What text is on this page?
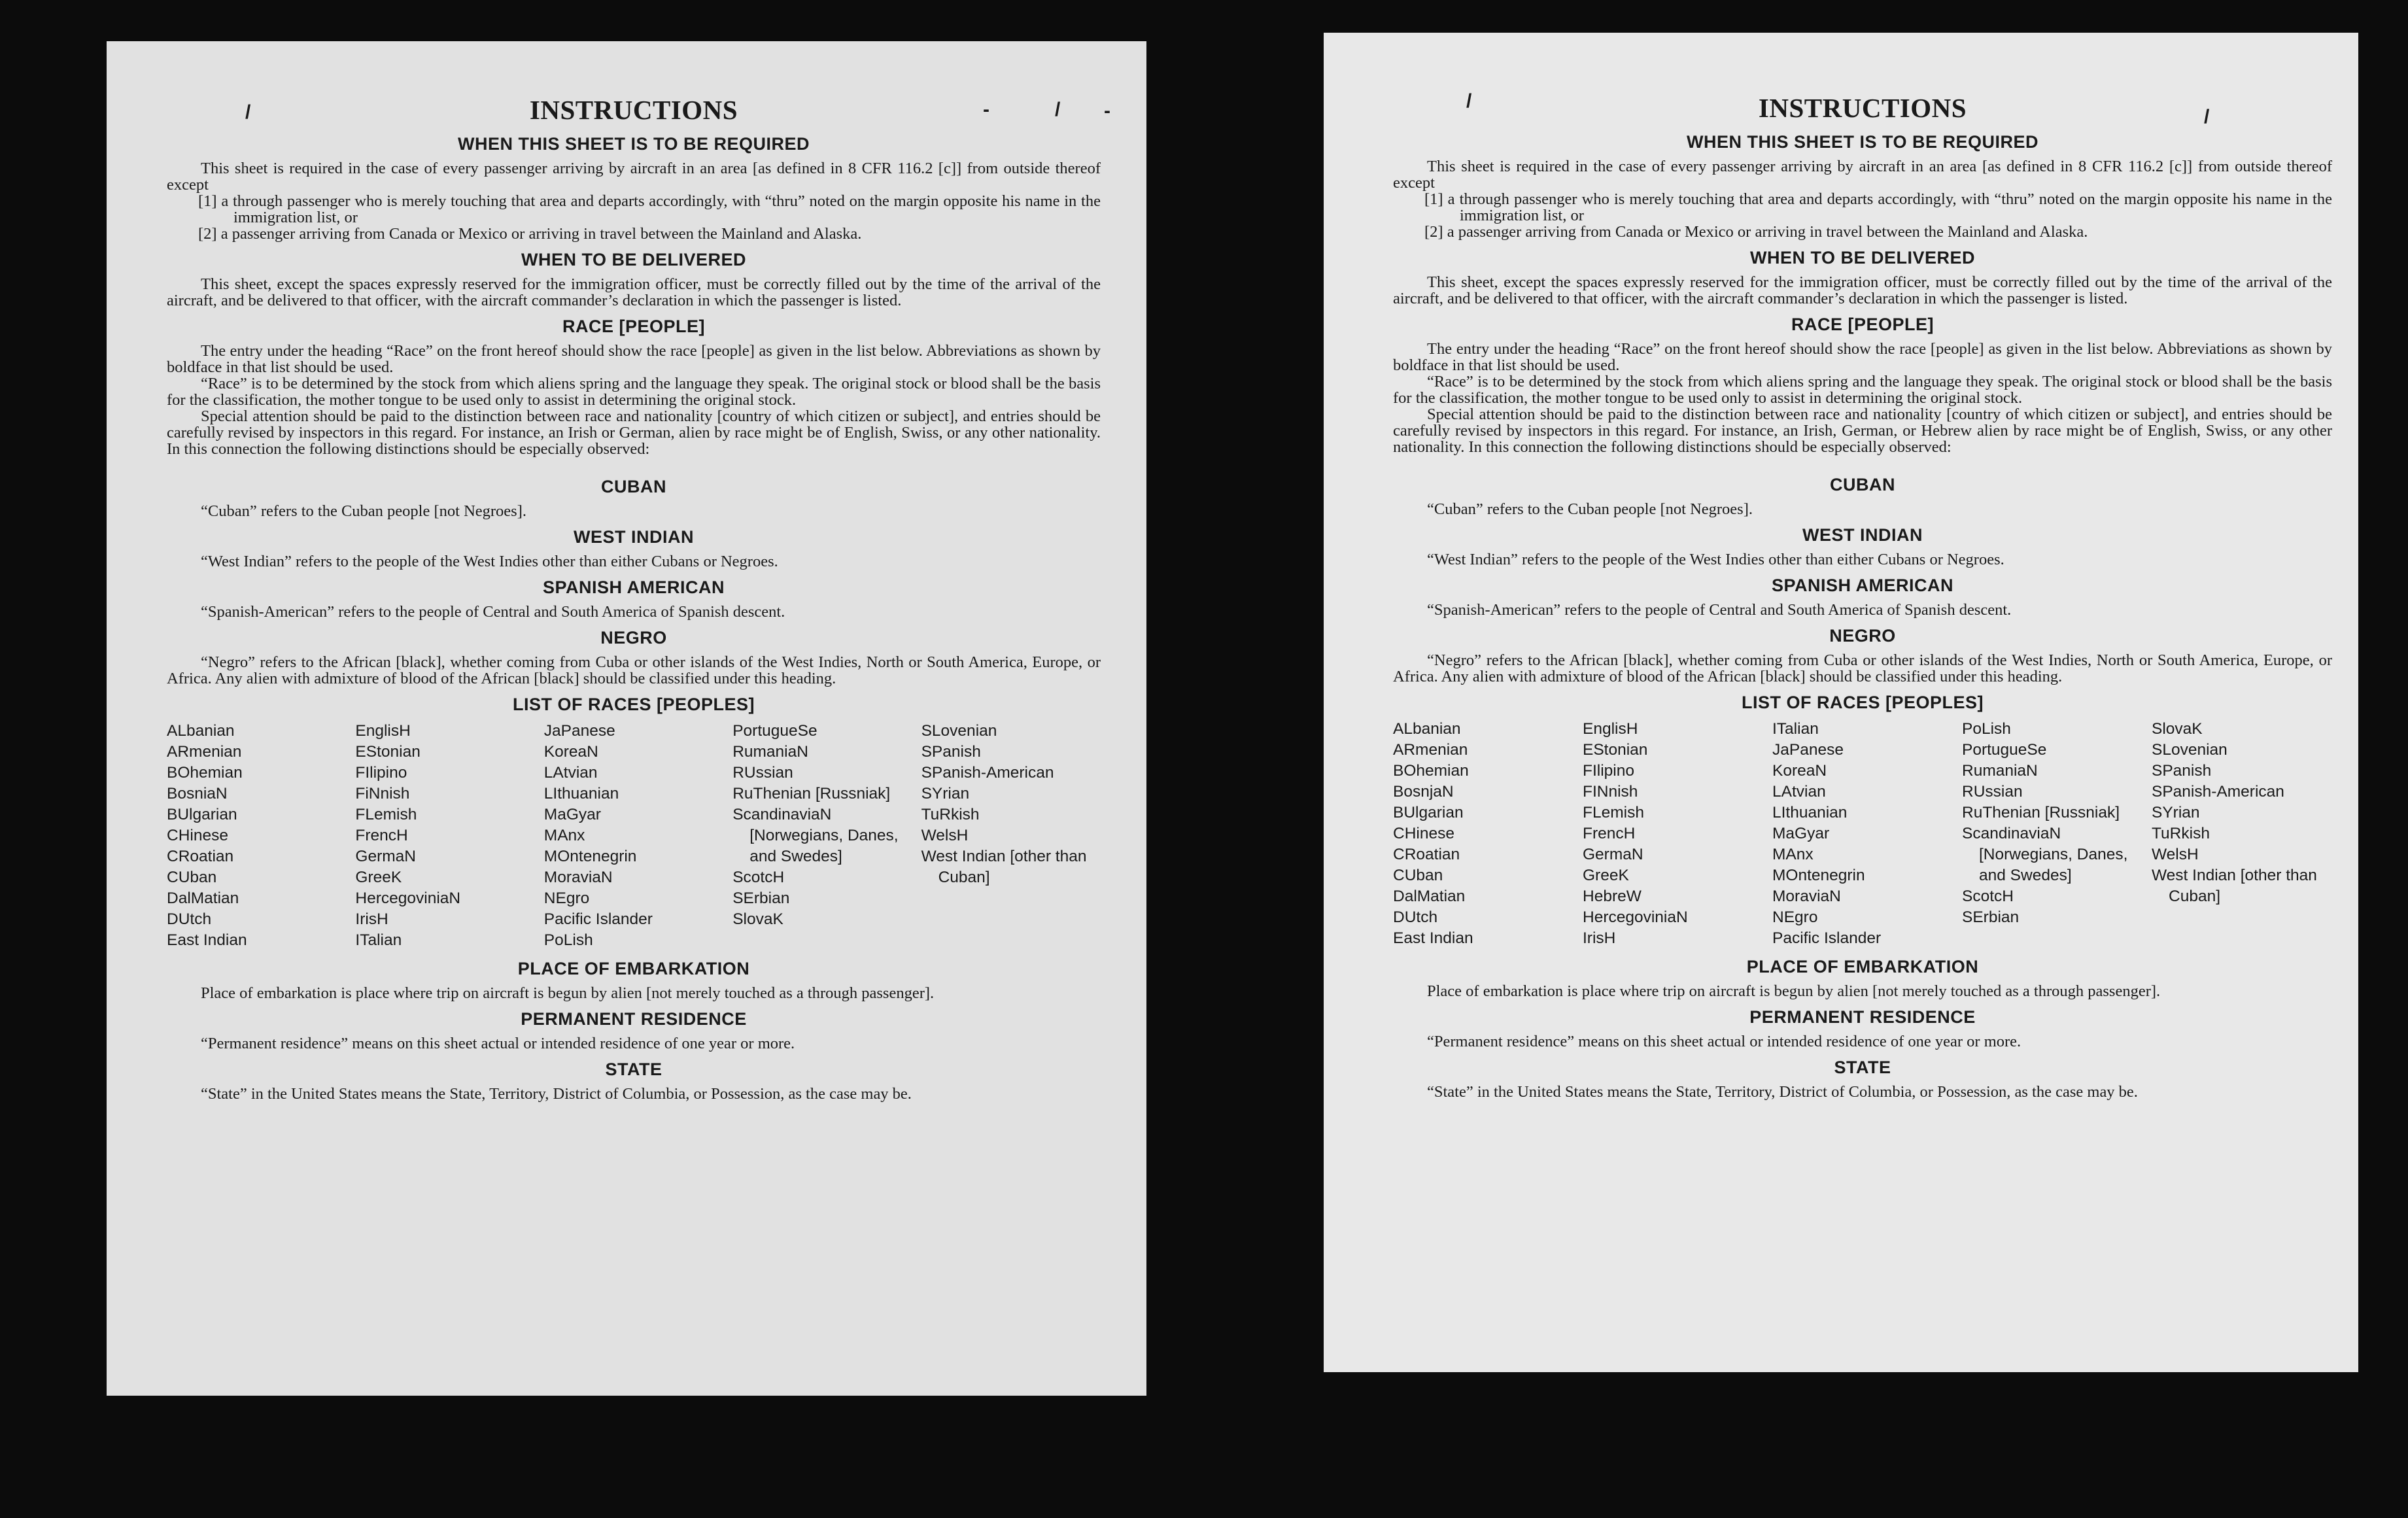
/	-	/ -
INSTRUCTIONS
WHEN THIS SHEET IS TO BE REQUIRED

This sheet is required in the case of every passenger arriving by aircraft in an area [as defined in 8 CFR 116.2 [c]] from outside thereof except

[1] a through passenger who is merely touching that area and departs accordingly, with “thru” noted on the margin opposite his name in the immigration list, or

[2] a passenger arriving from Canada or Mexico or arriving in travel between the Mainland and Alaska.

WHEN TO BE DELIVERED

This sheet, except the spaces expressly reserved for the immigration officer, must be correctly filled out by the time of the arrival of the aircraft, and be delivered to that officer, with the aircraft commander’s declaration in which the passenger is listed.

RACE [PEOPLE]

The entry under the heading “Race” on the front hereof should show the race [people] as given in the list below. Abbreviations as shown by boldface in that list should be used.

“Race” is to be determined by the stock from which aliens spring and the language they speak. The original stock or blood shall be the basis for the classification, the mother tongue to be used only to assist in determining the original stock.

Special attention should be paid to the distinction between race and nationality [country of which citizen or subject], and entries should be carefully revised by inspectors in this regard. For instance, an Irish or German, alien by race might be of English, Swiss, or any other nationality. In this connection the following distinctions should be especially observed:

CUBAN

“Cuban” refers to the Cuban people [not Negroes].

WEST INDIAN

“West Indian” refers to the people of the West Indies other than either Cubans or Negroes.

SPANISH AMERICAN

“Spanish-American” refers to the people of Central and South America of Spanish descent.

NEGRO

“Negro” refers to the African [black], whether coming from Cuba or other islands of the West Indies, North or South America, Europe, or Africa. Any alien with admixture of blood of the African [black] should be classified under this heading.

LIST OF RACES [PEOPLES]
ALbanian
ARmenian
BOhemian
BosniaN
BUlgarian
CHinese
CRoatian
CUban
DalMatian
DUtch
East Indian
EnglisH
EStonian
FIlipino
FiNnish
FLemish
FrencH
GermaN
GreeK
HercegoviniaN
IrisH
ITalian
JaPanese
KoreaN
LAtvian
LIthuanian
MaGyar
MAnx
MOntenegrin
MoraviaN
NEgro
Pacific Islander
PoLish
PortugueSe
RumaniaN
RUssian
RuThenian [Russniak]
ScandinaviaN [Norwegians, Danes, and Swedes]
ScotcH
SErbian
SlovaK
SLovenian
SPanish
SPanish-American
SYrian
TuRkish
WelsH
West Indian [other than Cuban]
PLACE OF EMBARKATION

Place of embarkation is place where trip on aircraft is begun by alien [not merely touched as a through passenger].

PERMANENT RESIDENCE

“Permanent residence” means on this sheet actual or intended residence of one year or more.

STATE

“State” in the United States means the State, Territory, District of Columbia, or Possession, as the case may be.

/
/
INSTRUCTIONS
WHEN THIS SHEET IS TO BE REQUIRED

This sheet is required in the case of every passenger arriving by aircraft in an area [as defined in 8 CFR 116.2 [c]] from outside thereof except

[1] a through passenger who is merely touching that area and departs accordingly, with “thru” noted on the margin opposite his name in the immigration list, or

[2] a passenger arriving from Canada or Mexico or arriving in travel between the Mainland and Alaska.

WHEN TO BE DELIVERED

This sheet, except the spaces expressly reserved for the immigration officer, must be correctly filled out by the time of the arrival of the aircraft, and be delivered to that officer, with the aircraft commander’s declaration in which the passenger is listed.

RACE [PEOPLE]

The entry under the heading “Race” on the front hereof should show the race [people] as given in the list below. Abbreviations as shown by boldface in that list should be used.

“Race” is to be determined by the stock from which aliens spring and the language they speak. The original stock or blood shall be the basis for the classification, the mother tongue to be used only to assist in determining the original stock.

Special attention should be paid to the distinction between race and nationality [country of which citizen or subject], and entries should be carefully revised by inspectors in this regard. For instance, an Irish, German, or Hebrew alien by race might be of English, Swiss, or any other nationality. In this connection the following distinctions should be especially observed:

CUBAN

“Cuban” refers to the Cuban people [not Negroes].

WEST INDIAN

“West Indian” refers to the people of the West Indies other than either Cubans or Negroes.

SPANISH AMERICAN

“Spanish-American” refers to the people of Central and South America of Spanish descent.

NEGRO

“Negro” refers to the African [black], whether coming from Cuba or other islands of the West Indies, North or South America, Europe, or Africa. Any alien with admixture of blood of the African [black] should be classified under this heading.

LIST OF RACES [PEOPLES]
ALbanian
ARmenian
BOhemian
BosnjaN
BUlgarian
CHinese
CRoatian
CUban
DalMatian
DUtch
East Indian
EnglisH
EStonian
FIlipino
FINnish
FLemish
FrencH
GermaN
GreeK
HebreW
HercegoviniaN
IrisH
ITalian
JaPanese
KoreaN
LAtvian
LIthuanian
MaGyar
MAnx
MOntenegrin
MoraviaN
NEgro
Pacific Islander
PoLish
PortugueSe
RumaniaN
RUssian
RuThenian [Russniak]
ScandinaviaN [Norwegians, Danes, and Swedes]
ScotcH
SErbian
SlovaK
SLovenian
SPanish
SPanish-American
SYrian
TuRkish
WelsH
West Indian [other than Cuban]
PLACE OF EMBARKATION

Place of embarkation is place where trip on aircraft is begun by alien [not merely touched as a through passenger].

PERMANENT RESIDENCE

“Permanent residence” means on this sheet actual or intended residence of one year or more.

STATE

“State” in the United States means the State, Territory, District of Columbia, or Possession, as the case may be.
